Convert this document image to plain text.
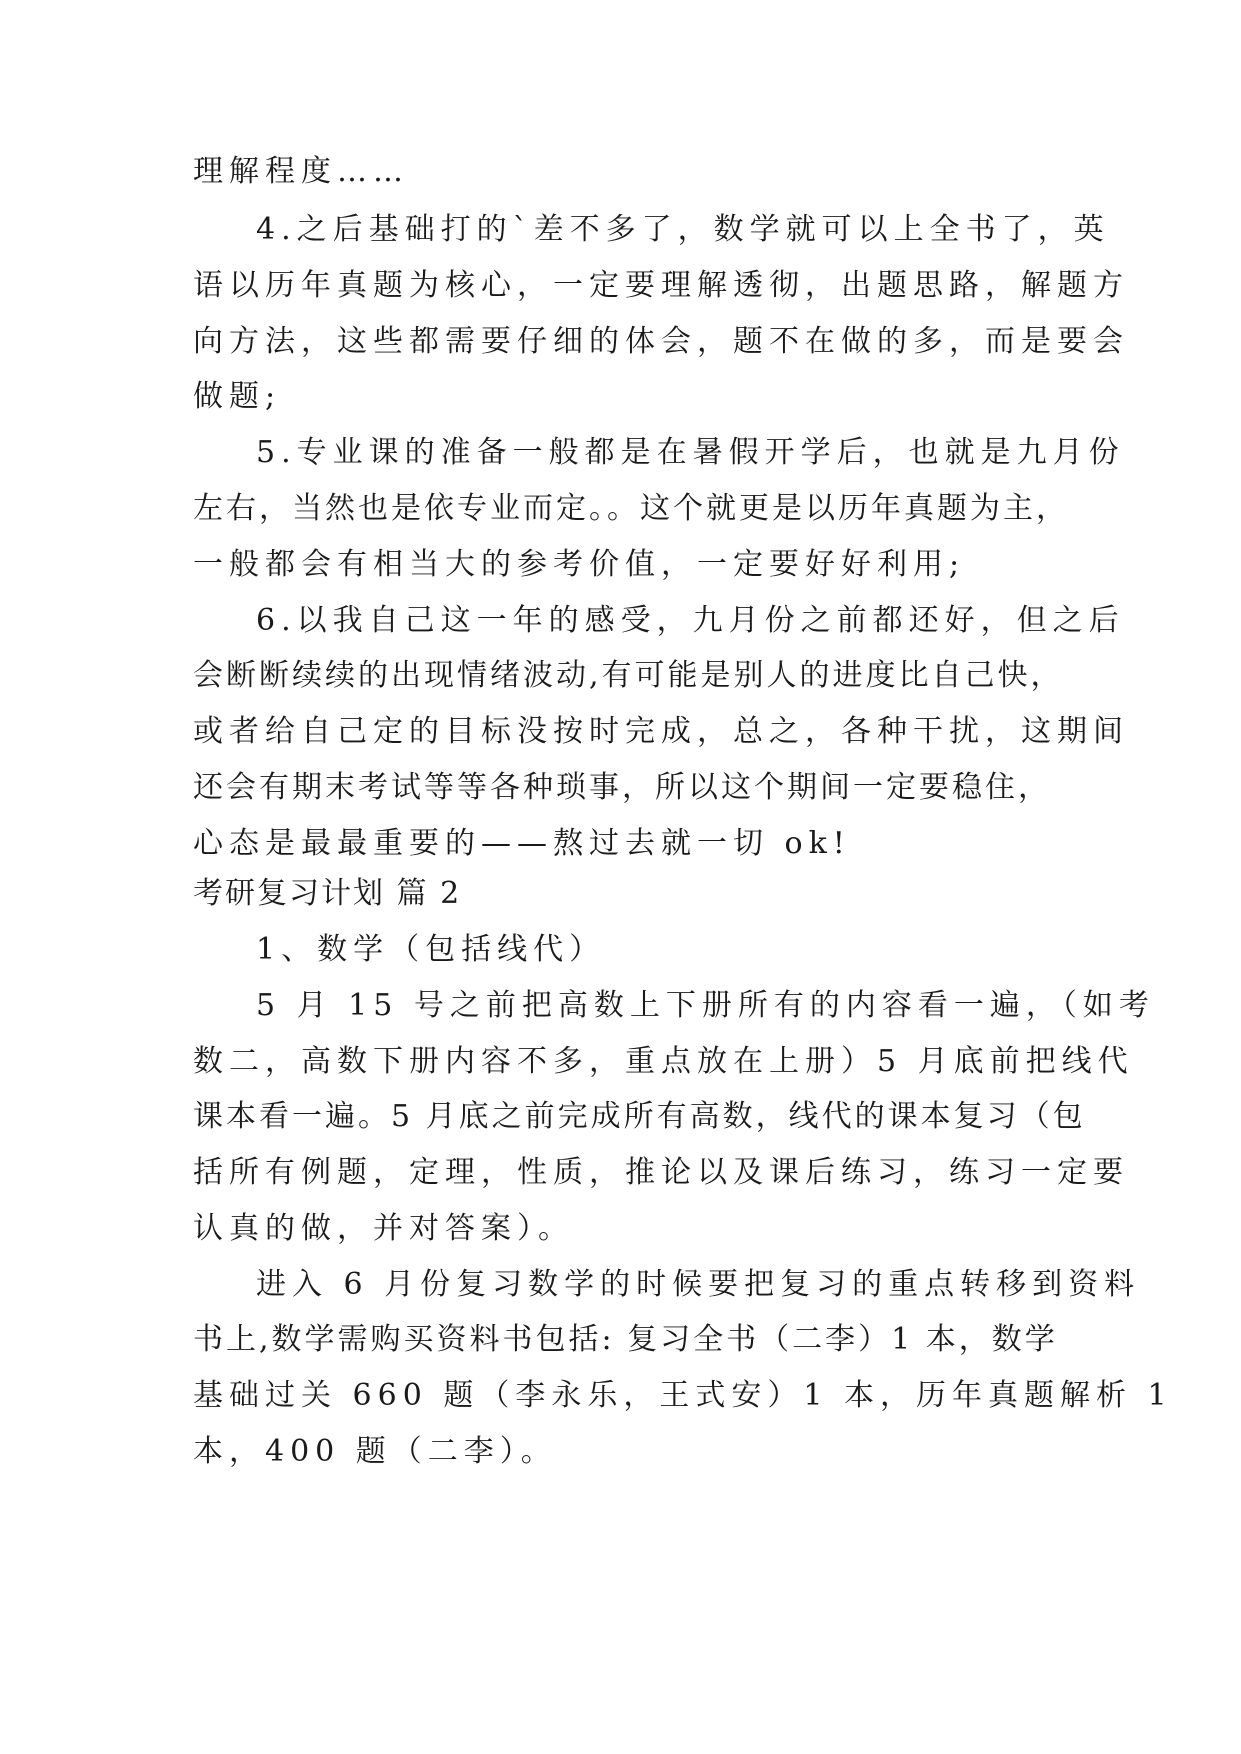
理解程度……
4.之后基础打的`差不多了，数学就可以上全书了，英
语以历年真题为核心，一定要理解透彻，出题思路，解题方
向方法，这些都需要仔细的体会，题不在做的多，而是要会
做题;
5.专业课的准备一般都是在暑假开学后，也就是九月份
左右，当然也是依专业而定。。这个就更是以历年真题为主，
一般都会有相当大的参考价值，一定要好好利用;
6.以我自己这一年的感受，九月份之前都还好，但之后
会断断续续的出现情绪波动,有可能是别人的进度比自己快，
或者给自己定的目标没按时完成，总之，各种干扰，这期间
还会有期末考试等等各种琐事，所以这个期间一定要稳住，
心态是最最重要的——熬过去就一切 ok!
考研复习计划 篇 2
1、数学（包括线代）
5 月 15 号之前把高数上下册所有的内容看一遍，（如考
数二，高数下册内容不多，重点放在上册）5 月底前把线代
课本看一遍。5 月底之前完成所有高数，线代的课本复习（包
括所有例题，定理，性质，推论以及课后练习，练习一定要
认真的做，并对答案）。
进入 6 月份复习数学的时候要把复习的重点转移到资料
书上,数学需购买资料书包括: 复习全书（二李）1 本，数学
基础过关 660 题（李永乐，王式安）1 本，历年真题解析 1
本，400 题（二李）。
